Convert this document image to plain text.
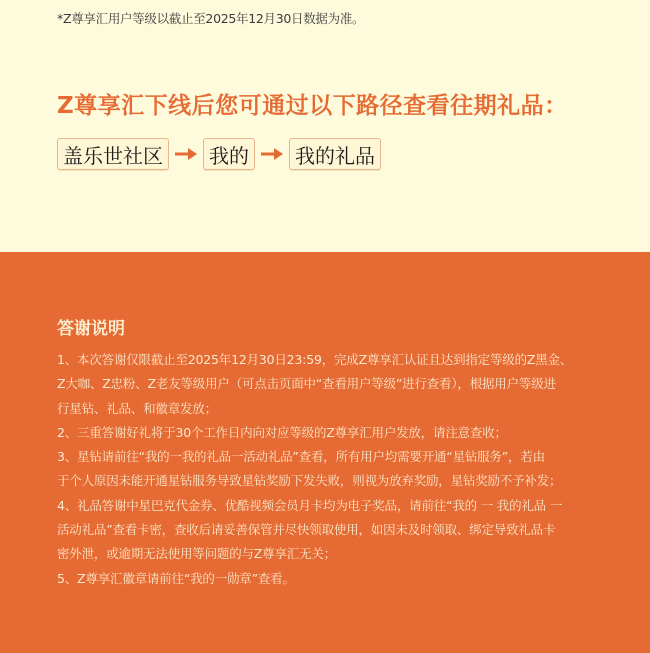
*Z尊享汇用户等级以截止至2025年12月30日数据为准。
Z尊享汇下线后您可通过以下路径查看往期礼品：
盖乐世社区	我的	我的礼品
答谢说明
1、本次答谢仅限截止至2025年12月30日23:59，完成Z尊享汇认证且达到指定等级的Z黑金、
Z大咖、Z忠粉、Z老友等级用户（可点击页面中“查看用户等级”进行查看），根据用户等级进
行星钻、礼品、和徽章发放；
2、三重答谢好礼将于30个工作日内向对应等级的Z尊享汇用户发放，请注意查收；
3、星钻请前往“我的一我的礼品一活动礼品”查看，所有用户均需要开通“星钻服务”，若由
于个人原因未能开通星钻服务导致星钻奖励下发失败，则视为放弃奖励，星钻奖励不予补发；
4、礼品答谢中星巴克代金券、优酷视频会员月卡均为电子奖品，请前往“我的 一 我的礼品 一
活动礼品”查看卡密，查收后请妥善保管并尽快领取使用，如因未及时领取、绑定导致礼品卡
密外泄，或逾期无法使用等问题的与Z尊享汇无关；
5、Z尊享汇徽章请前往“我的一勋章”查看。
